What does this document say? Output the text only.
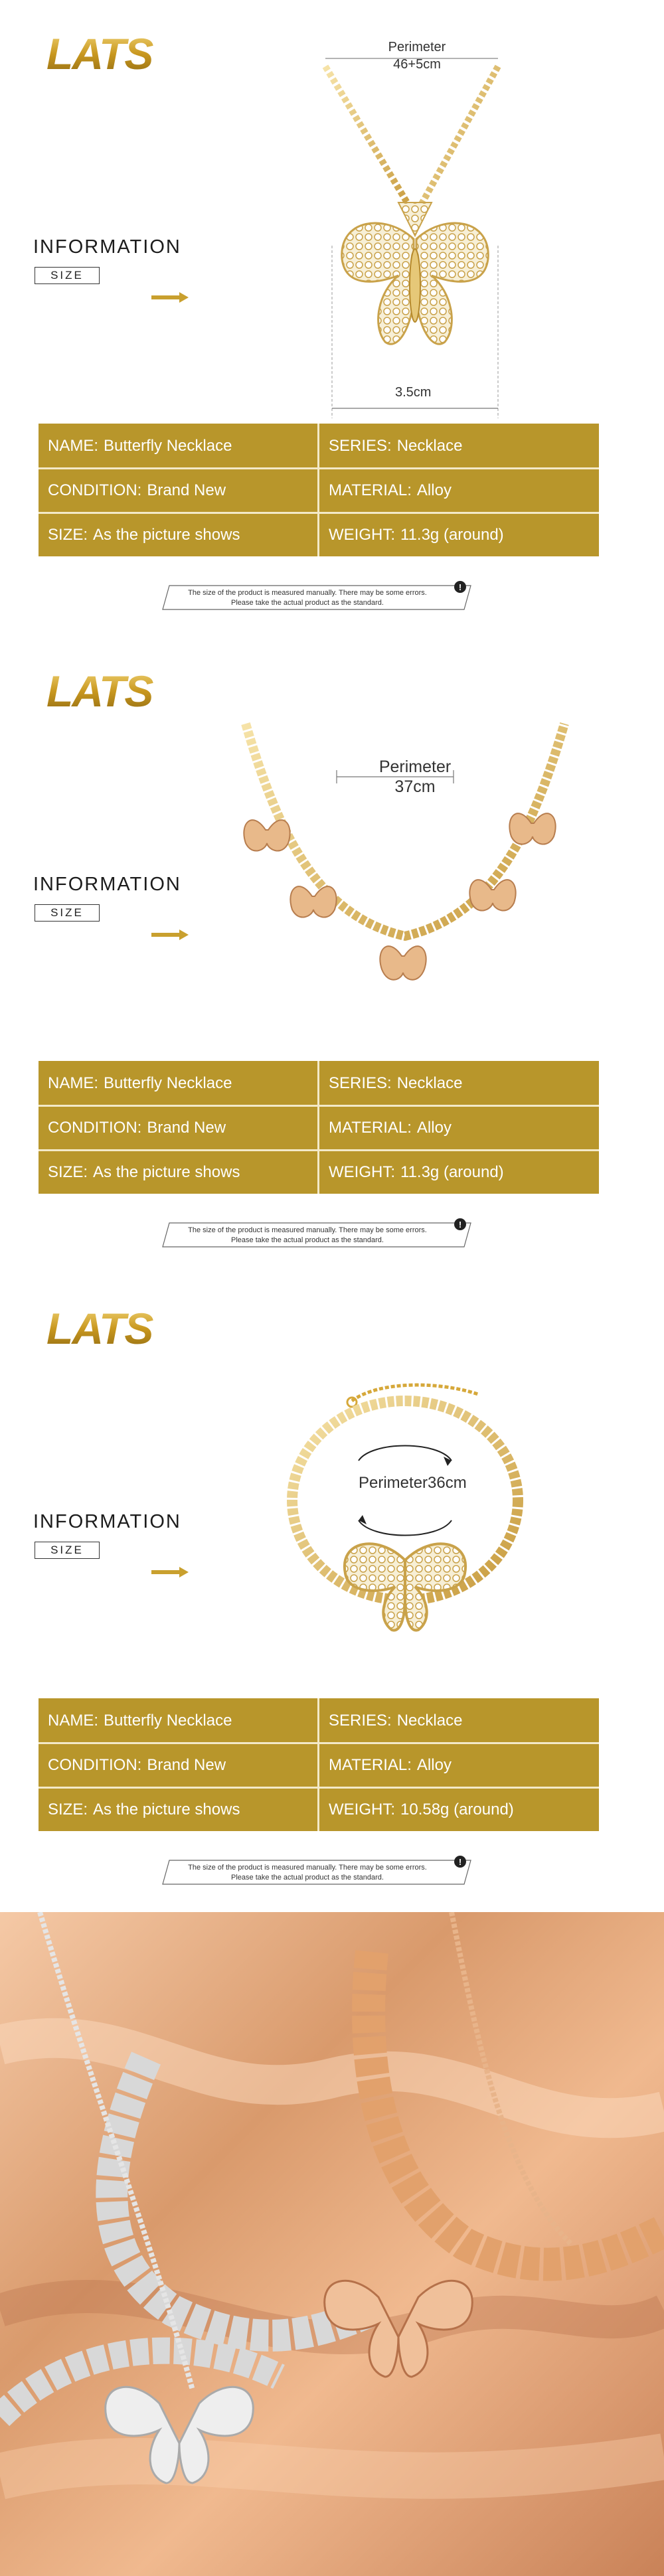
LATS	Perimeter
46+5cm
3.5cm
INFORMATION
SIZE
NAME: Butterfly Necklace	SERIES: Necklace
CONDITION: Brand New	MATERIAL: Alloy
SIZE: As the picture shows	WEIGHT: 11.3g (around)
!
The size of the product is measured manually. There may be some errors.
Please take the actual product as the standard.
LATS
Perimeter
37cm
INFORMATION
SIZE
NAME: Butterfly Necklace	SERIES: Necklace
CONDITION: Brand New	MATERIAL: Alloy
SIZE: As the picture shows	WEIGHT: 11.3g (around)
!
The size of the product is measured manually. There may be some errors.
Please take the actual product as the standard.
LATS
Perimeter36cm
INFORMATION
SIZE
NAME: Butterfly Necklace	SERIES: Necklace
CONDITION: Brand New	MATERIAL: Alloy
SIZE: As the picture shows	WEIGHT: 10.58g (around)
!
The size of the product is measured manually. There may be some errors.
Please take the actual product as the standard.
